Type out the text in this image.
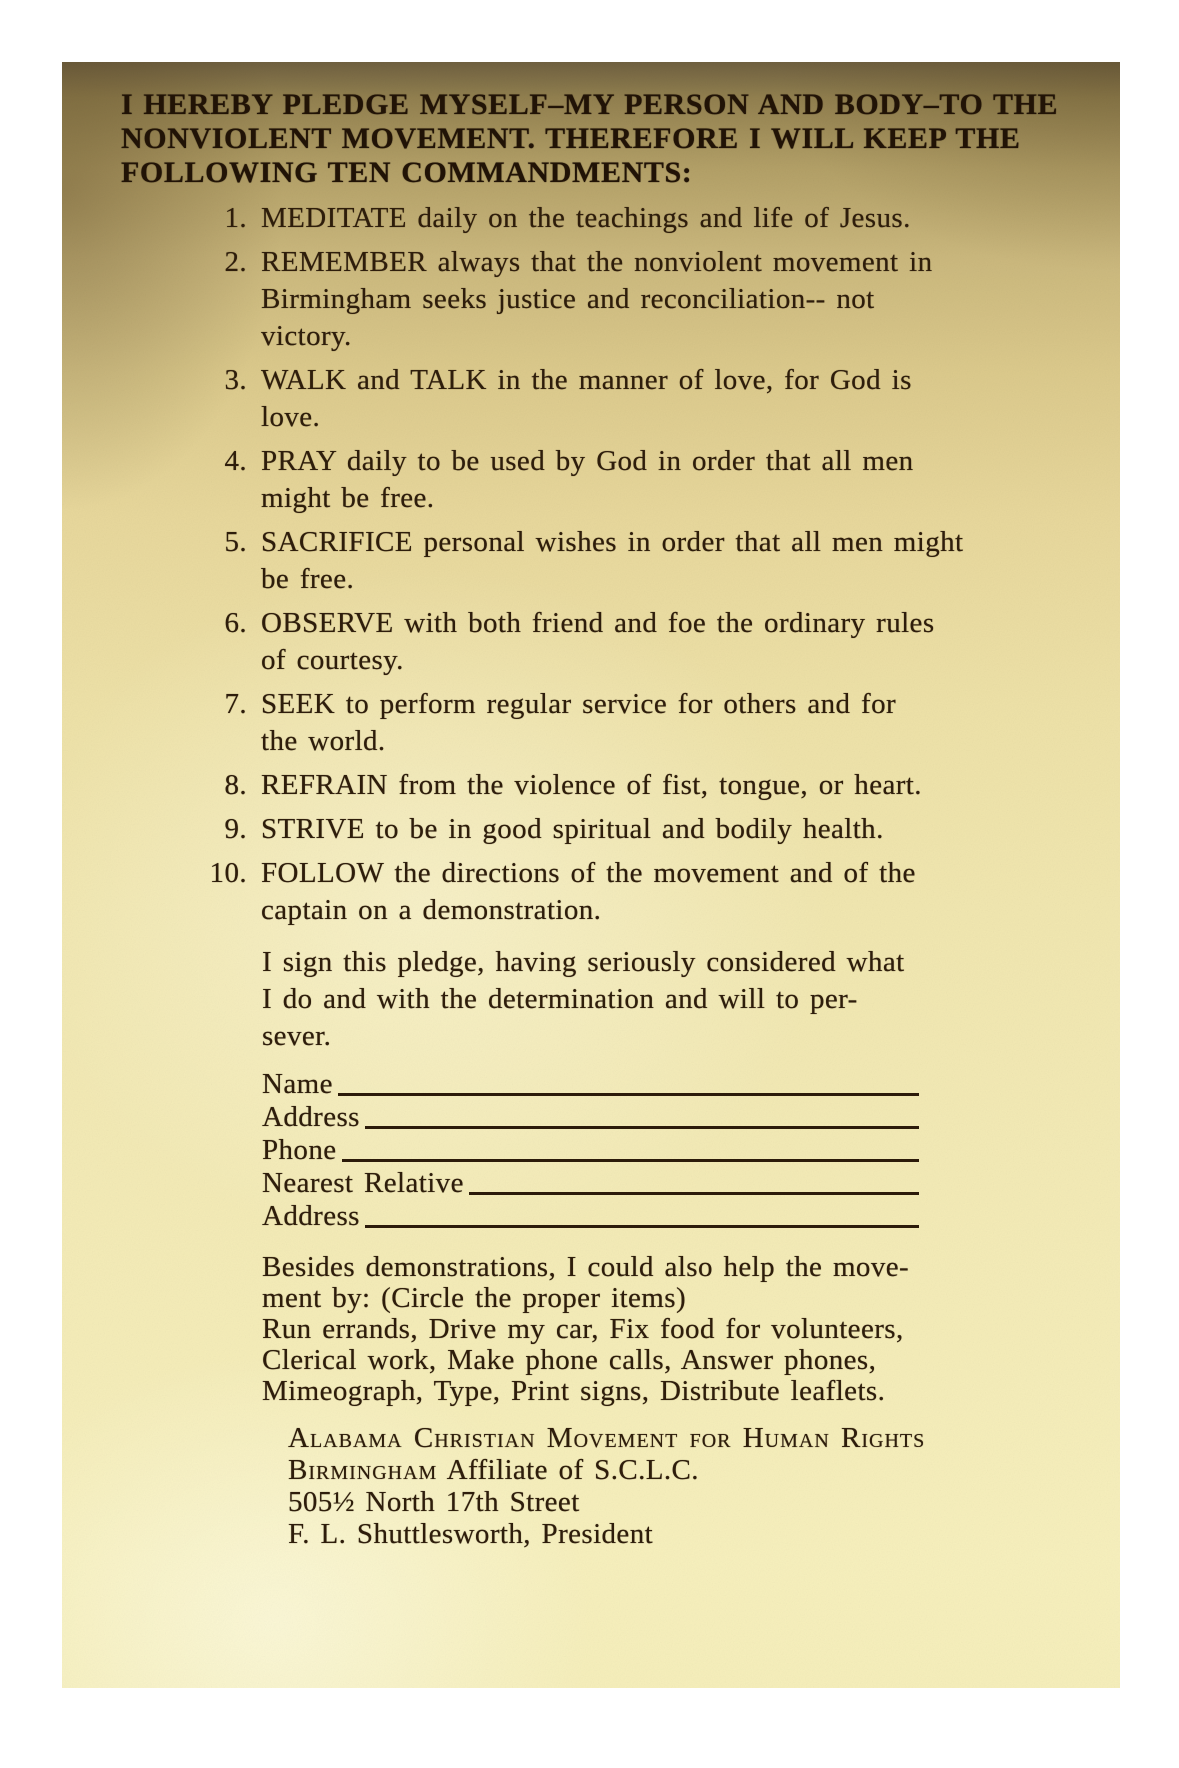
I HEREBY PLEDGE MYSELF–MY PERSON AND BODY–TO THE
NONVIOLENT MOVEMENT. THEREFORE I WILL KEEP THE
FOLLOWING TEN COMMANDMENTS:
1. MEDITATE daily on the teachings and life of Jesus.
2. REMEMBER always that the nonviolent movement in
Birmingham seeks justice and reconciliation-- not
victory.
3. WALK and TALK in the manner of love, for God is
love.
4. PRAY daily to be used by God in order that all men
might be free.
5. SACRIFICE personal wishes in order that all men might
be free.
6. OBSERVE with both friend and foe the ordinary rules
of courtesy.
7. SEEK to perform regular service for others and for
the world.
8. REFRAIN from the violence of fist, tongue, or heart.
9. STRIVE to be in good spiritual and bodily health.
10. FOLLOW the directions of the movement and of the
captain on a demonstration.
I sign this pledge, having seriously considered what
I do and with the determination and will to per-
sever.
Name
Address
Phone
Nearest Relative
Address
Besides demonstrations, I could also help the move-
ment by: (Circle the proper items)
Run errands, Drive my car, Fix food for volunteers,
Clerical work, Make phone calls, Answer phones,
Mimeograph, Type, Print signs, Distribute leaflets.
Alabama Christian Movement for Human Rights
Birmingham Affiliate of S.C.L.C.
505½ North 17th Street
F. L. Shuttlesworth, President
